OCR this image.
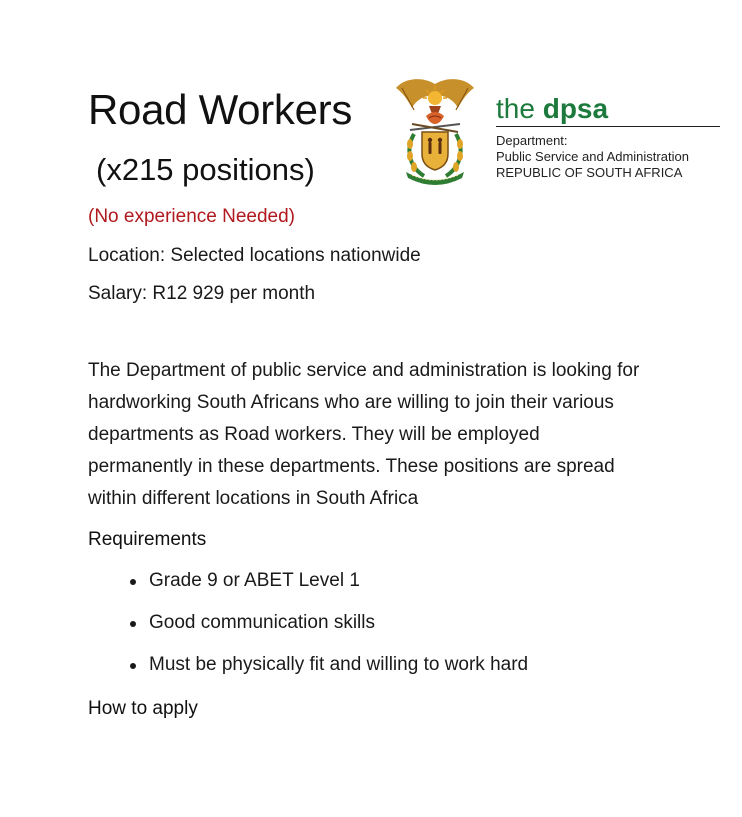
Road Workers
(x215 positions)
the dpsa
Department:
Public Service and Administration
REPUBLIC OF SOUTH AFRICA
(No experience Needed)
Location: Selected locations nationwide
Salary: R12 929 per month

The Department of public service and administration is looking for hardworking South Africans who are willing to join their various departments as Road workers. They will be employed permanently in these departments. These positions are spread within different locations in South Africa

Requirements
Grade 9 or ABET Level 1
Good communication skills
Must be physically fit and willing to work hard
How to apply
